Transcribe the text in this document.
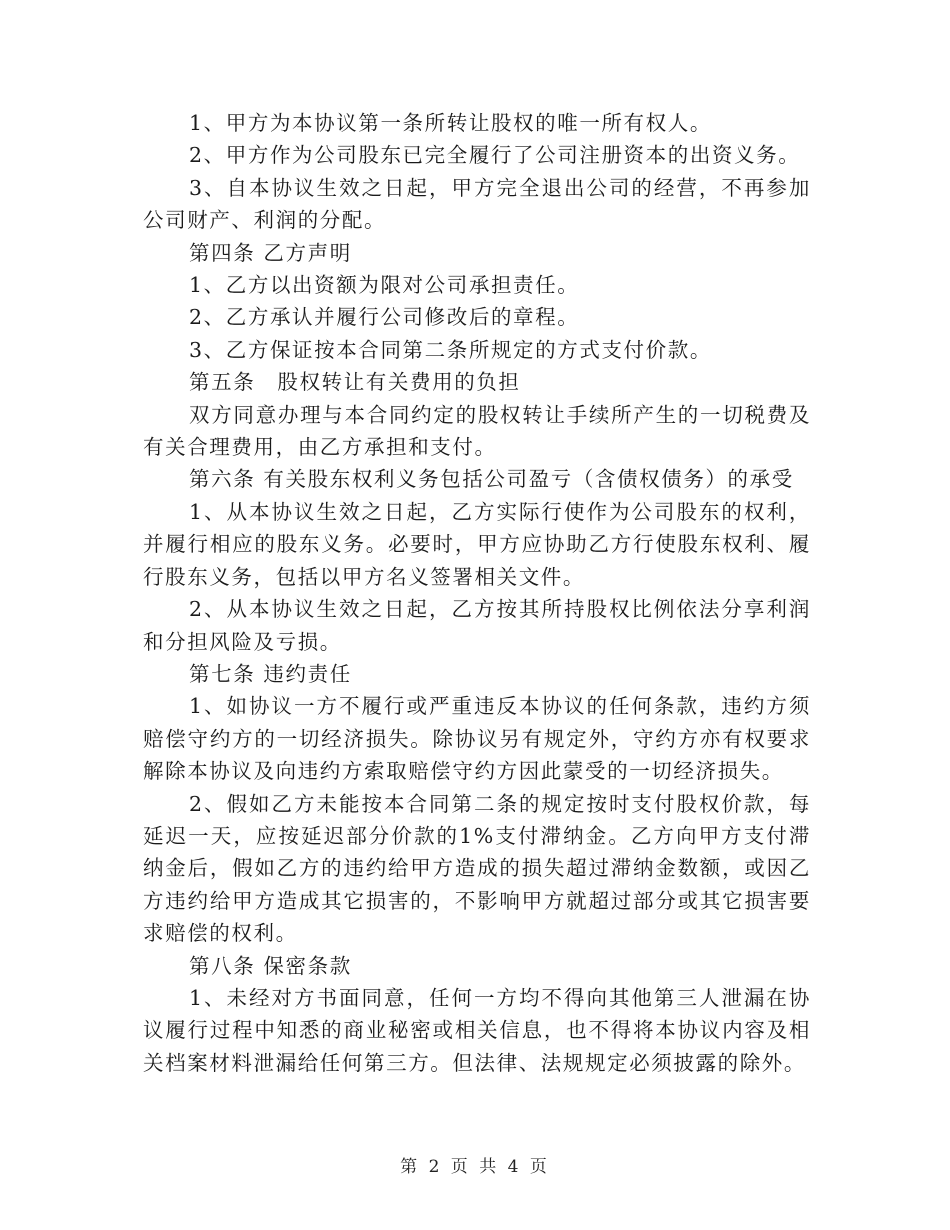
1、甲方为本协议第一条所转让股权的唯一所有权人。

2、甲方作为公司股东已完全履行了公司注册资本的出资义务。

3、自本协议生效之日起，甲方完全退出公司的经营，不再参加公司财产、利润的分配。

第四条 乙方声明

1、乙方以出资额为限对公司承担责任。

2、乙方承认并履行公司修改后的章程。

3、乙方保证按本合同第二条所规定的方式支付价款。

第五条　股权转让有关费用的负担

双方同意办理与本合同约定的股权转让手续所产生的一切税费及有关合理费用，由乙方承担和支付。

第六条 有关股东权利义务包括公司盈亏（含债权债务）的承受

1、从本协议生效之日起，乙方实际行使作为公司股东的权利，并履行相应的股东义务。必要时，甲方应协助乙方行使股东权利、履行股东义务，包括以甲方名义签署相关文件。

2、从本协议生效之日起，乙方按其所持股权比例依法分享利润和分担风险及亏损。

第七条 违约责任

1、如协议一方不履行或严重违反本协议的任何条款，违约方须赔偿守约方的一切经济损失。除协议另有规定外，守约方亦有权要求解除本协议及向违约方索取赔偿守约方因此蒙受的一切经济损失。

2、假如乙方未能按本合同第二条的规定按时支付股权价款，每延迟一天，应按延迟部分价款的1%支付滞纳金。乙方向甲方支付滞纳金后，假如乙方的违约给甲方造成的损失超过滞纳金数额，或因乙方违约给甲方造成其它损害的，不影响甲方就超过部分或其它损害要求赔偿的权利。

第八条 保密条款

1、未经对方书面同意，任何一方均不得向其他第三人泄漏在协议履行过程中知悉的商业秘密或相关信息，也不得将本协议内容及相关档案材料泄漏给任何第三方。但法律、法规规定必须披露的除外。

第 2 页 共 4 页
